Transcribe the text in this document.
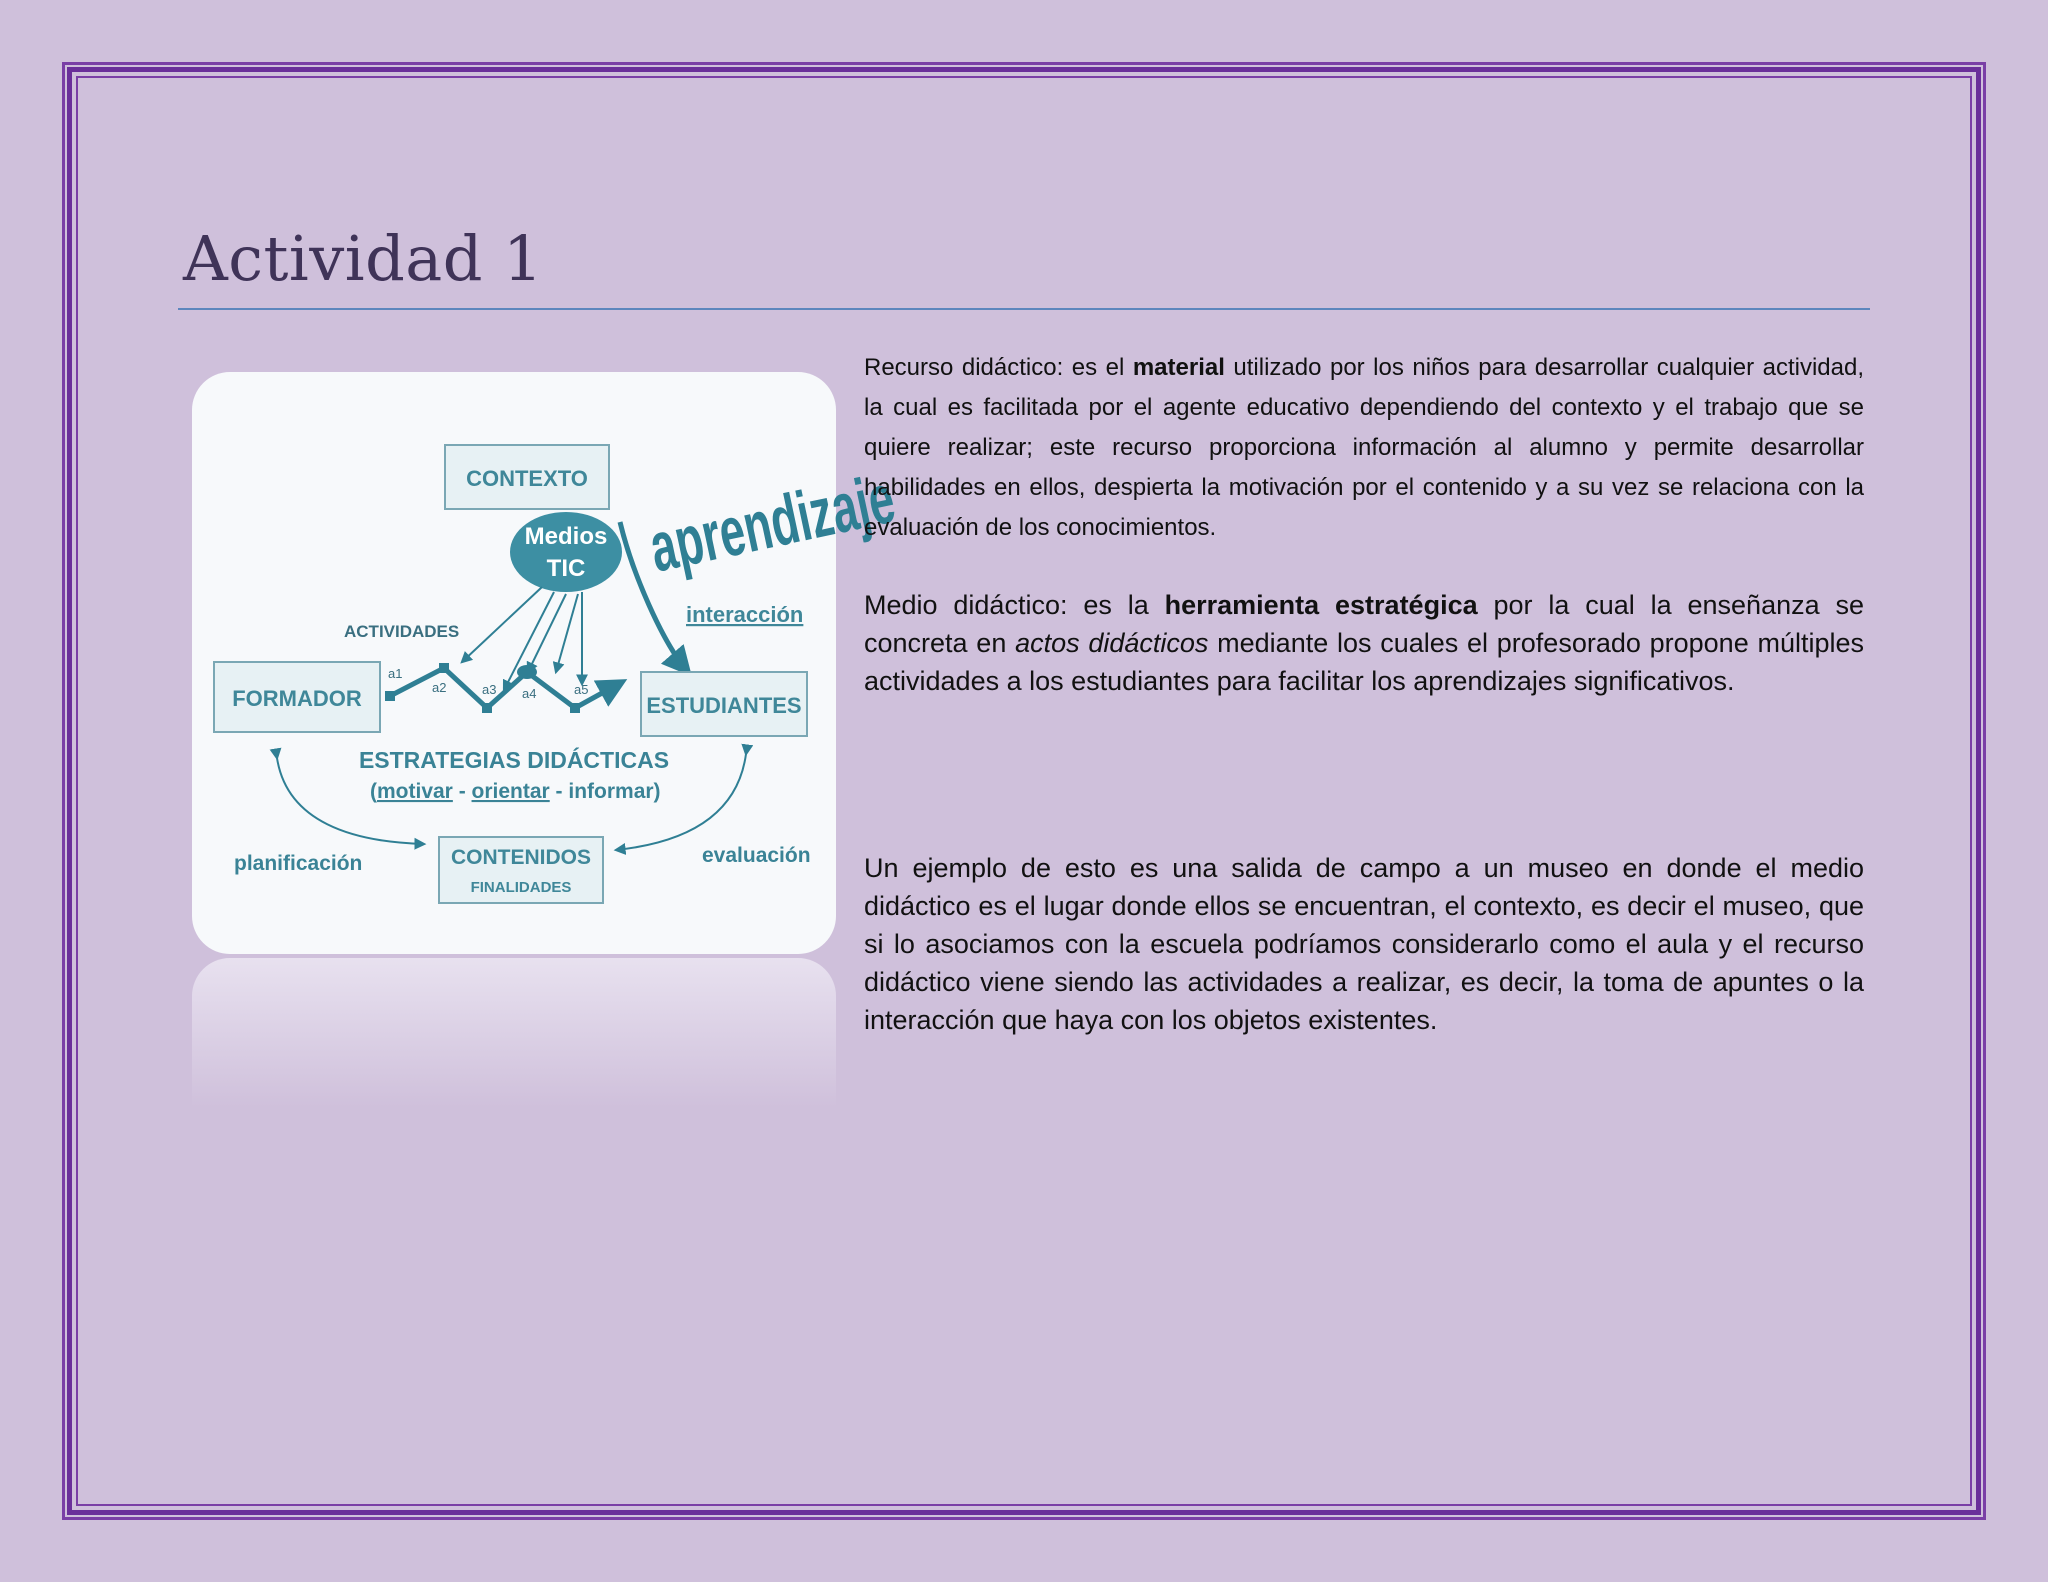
Actividad 1
CONTEXTO
Medios
TIC aprendizaje
ACTIVIDADES
interacción
FORMADOR	ESTUDIANTES
a1
a2	a3 a4	a5
ESTRATEGIAS DIDÁCTICAS
(motivar - orientar - informar)
CONTENIDOS
FINALIDADES
planificación	evaluación

Recurso didáctico: es el material utilizado por los niños para desarrollar cualquier actividad, la cual es facilitada por el agente educativo dependiendo del contexto y el trabajo que se quiere realizar; este recurso proporciona información al alumno y permite desarrollar habilidades en ellos, despierta la motivación por el contenido y a su vez se relaciona con la evaluación de los conocimientos.

Medio didáctico: es la herramienta estratégica por la cual la enseñanza se concreta en actos didácticos mediante los cuales el profesorado propone múltiples actividades a los estudiantes para facilitar los aprendizajes significativos.

Un ejemplo de esto es una salida de campo a un museo en donde el medio didáctico es el lugar donde ellos se encuentran, el contexto, es decir el museo, que si lo asociamos con la escuela podríamos considerarlo como el aula y el recurso didáctico viene siendo las actividades a realizar, es decir, la toma de apuntes o la interacción que haya con los objetos existentes.
